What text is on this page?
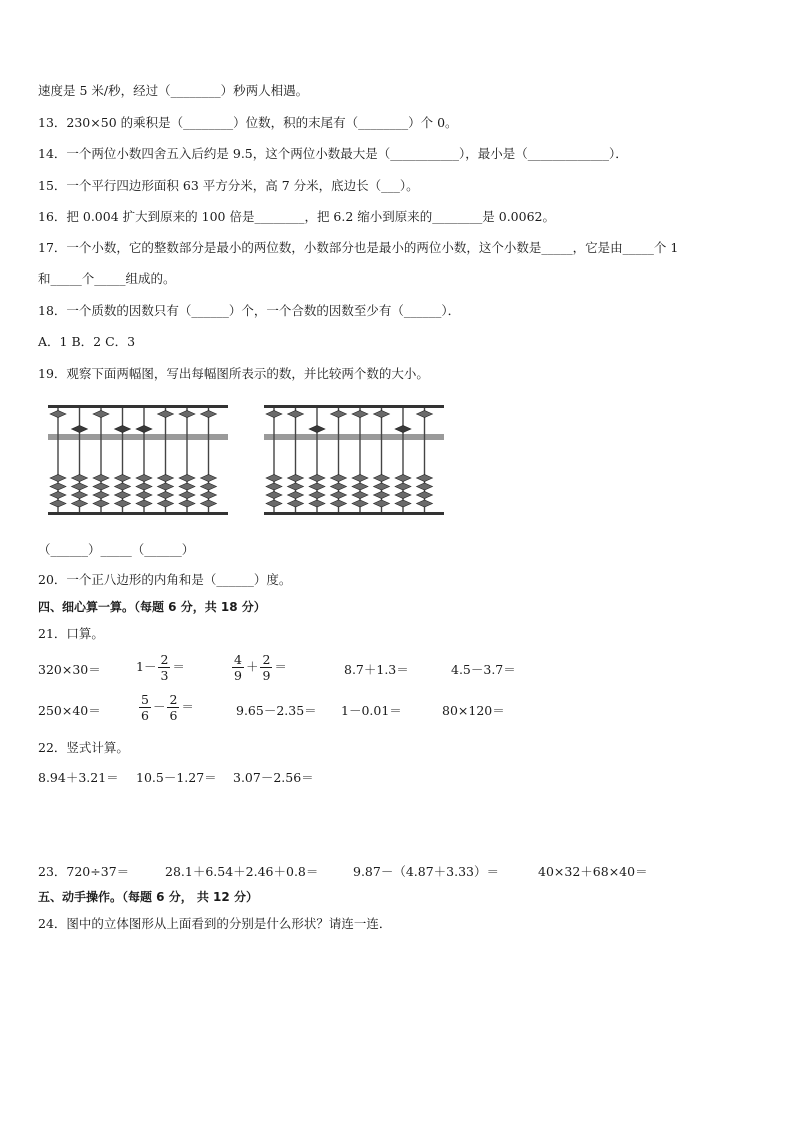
速度是 5 米/秒，经过（________）秒两人相遇。
13．230×50 的乘积是（________）位数，积的末尾有（________）个 0。
14．一个两位小数四舍五入后约是 9.5，这个两位小数最大是（___________），最小是（_____________）．
15．一个平行四边形面积 63 平方分米，高 7 分米，底边长（___）。
16．把 0.004 扩大到原来的 100 倍是________，把 6.2 缩小到原来的________是 0.0062。
17．一个小数，它的整数部分是最小的两位数，小数部分也是最小的两位小数，这个小数是_____，它是由_____个 1
和_____个_____组成的。
18．一个质数的因数只有（______）个，一个合数的因数至少有（______）．
A．1 B．2 C．3
19．观察下面两幅图，写出每幅图所表示的数，并比较两个数的大小。
（______）_____（______）
20．一个正八边形的内角和是（______）度。
四、细心算一算。（每题 6 分，共 18 分）
21．口算。
320×30＝	$1- \frac{2}{3}$ ＝	$\frac{4}{9} + \frac{2}{9}$ ＝	8.7＋1.3＝	4.5－3.7＝
250×40＝	$\frac{5}{6} - \frac{2}{6}$ ＝	9.65－2.35＝ 1－0.01＝	80×120＝
22．竖式计算。
8.94＋3.21＝ 10.5－1.27＝ 3.07－2.56＝
23．720÷37＝	28.1＋6.54＋2.46＋0.8＝	9.87－（4.87＋3.33）＝	40×32＋68×40＝
五、动手操作。（每题 6 分， 共 12 分）
24．图中的立体图形从上面看到的分别是什么形状？请连一连．
